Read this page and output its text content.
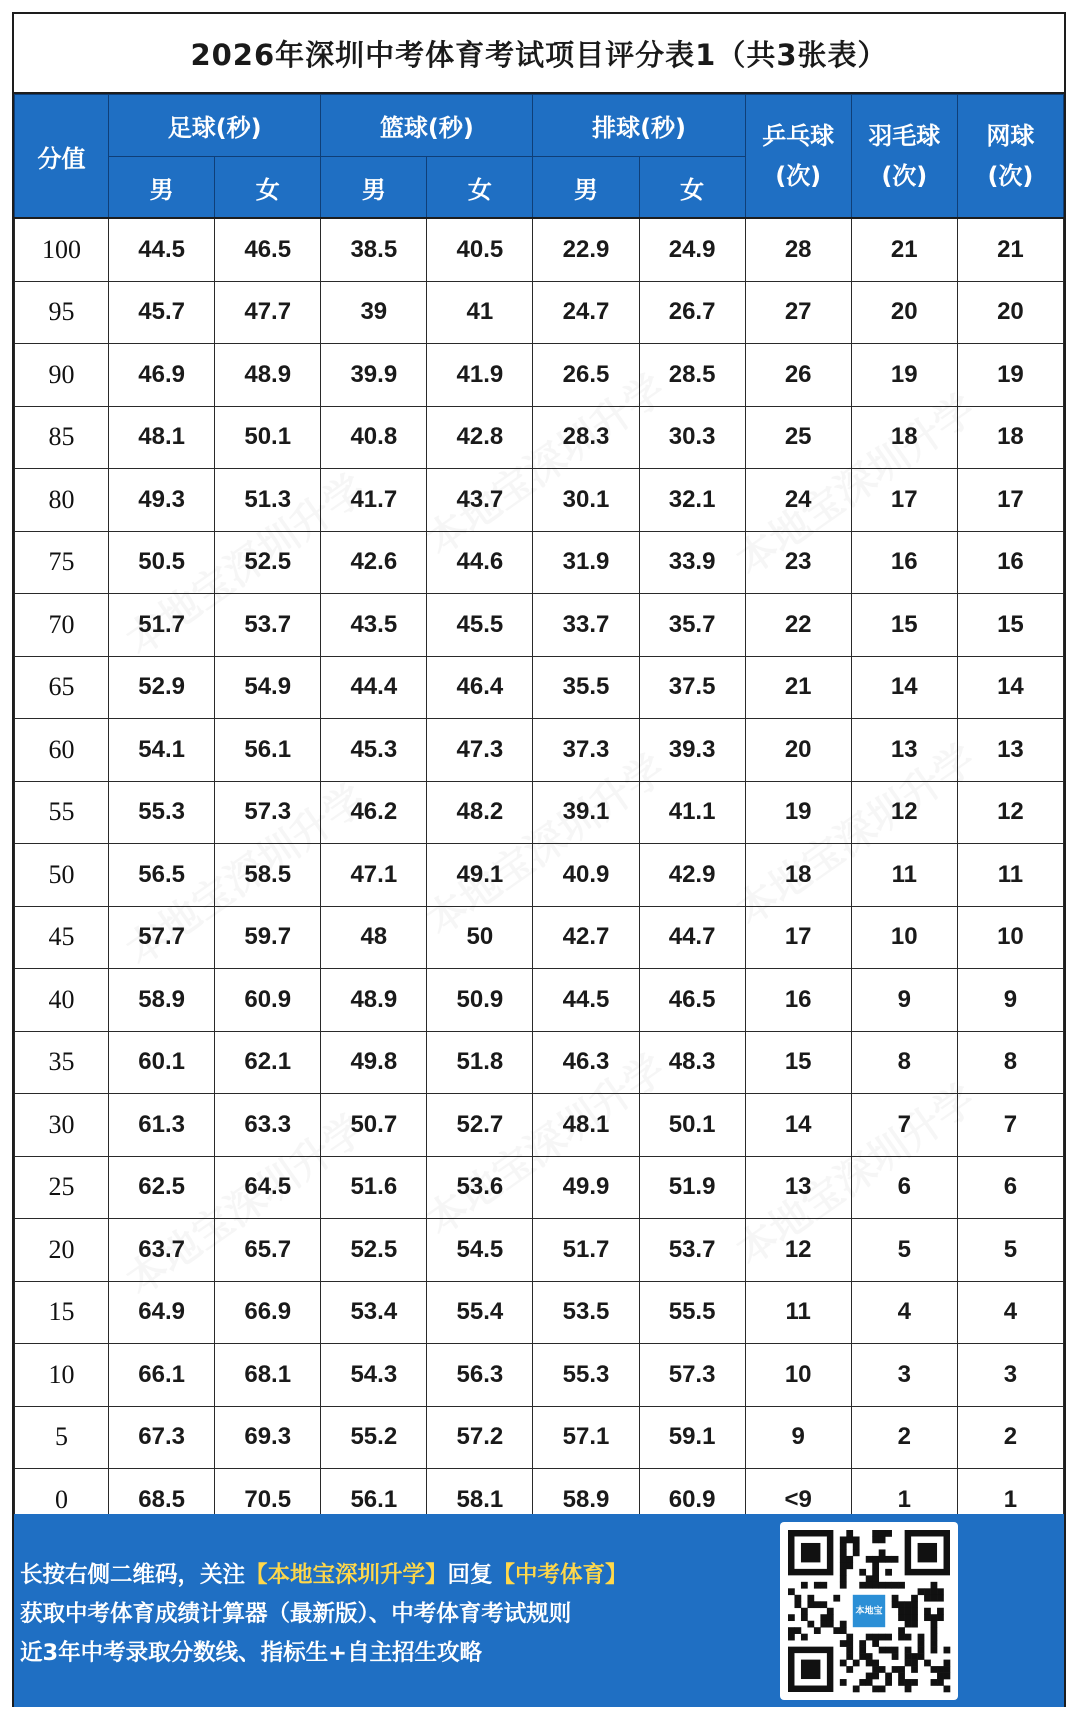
2026年深圳中考体育考试项目评分表1（共3张表）
分值	足球(秒)		篮球(秒)		排球(秒)		乒乓球
(次)	羽毛球
(次)	网球
(次)

	男	女	男	女	男	女			
100	44.5	46.5	38.5	40.5	22.9	24.9	28	21	21
95	45.7	47.7	39	41	24.7	26.7	27	20	20
90	46.9	48.9	39.9	41.9	26.5	28.5	26	19	19
85	48.1	50.1	40.8	42.8	28.3	30.3	25	18	18
80	49.3	51.3	41.7	43.7	30.1	32.1	24	17	17
75	50.5	52.5	42.6	44.6	31.9	33.9	23	16	16
70	51.7	53.7	43.5	45.5	33.7	35.7	22	15	15
65	52.9	54.9	44.4	46.4	35.5	37.5	21	14	14
60	54.1	56.1	45.3	47.3	37.3	39.3	20	13	13
55	55.3	57.3	46.2	48.2	39.1	41.1	19	12	12
50	56.5	58.5	47.1	49.1	40.9	42.9	18	11	11
45	57.7	59.7	48	50	42.7	44.7	17	10	10
40	58.9	60.9	48.9	50.9	44.5	46.5	16	9	9
35	60.1	62.1	49.8	51.8	46.3	48.3	15	8	8
30	61.3	63.3	50.7	52.7	48.1	50.1	14	7	7
25	62.5	64.5	51.6	53.6	49.9	51.9	13	6	6
20	63.7	65.7	52.5	54.5	51.7	53.7	12	5	5
15	64.9	66.9	53.4	55.4	53.5	55.5	11	4	4
10	66.1	68.1	54.3	56.3	55.3	57.3	10	3	3
5	67.3	69.3	55.2	57.2	57.1	59.1	9	2	2
0	68.5	70.5	56.1	58.1	58.9	60.9	<9	1	1
长按右侧二维码，关注【本地宝深圳升学】回复【中考体育】
获取中考体育成绩计算器（最新版）、中考体育考试规则
近3年中考录取分数线、指标生+自主招生攻略
本地宝
